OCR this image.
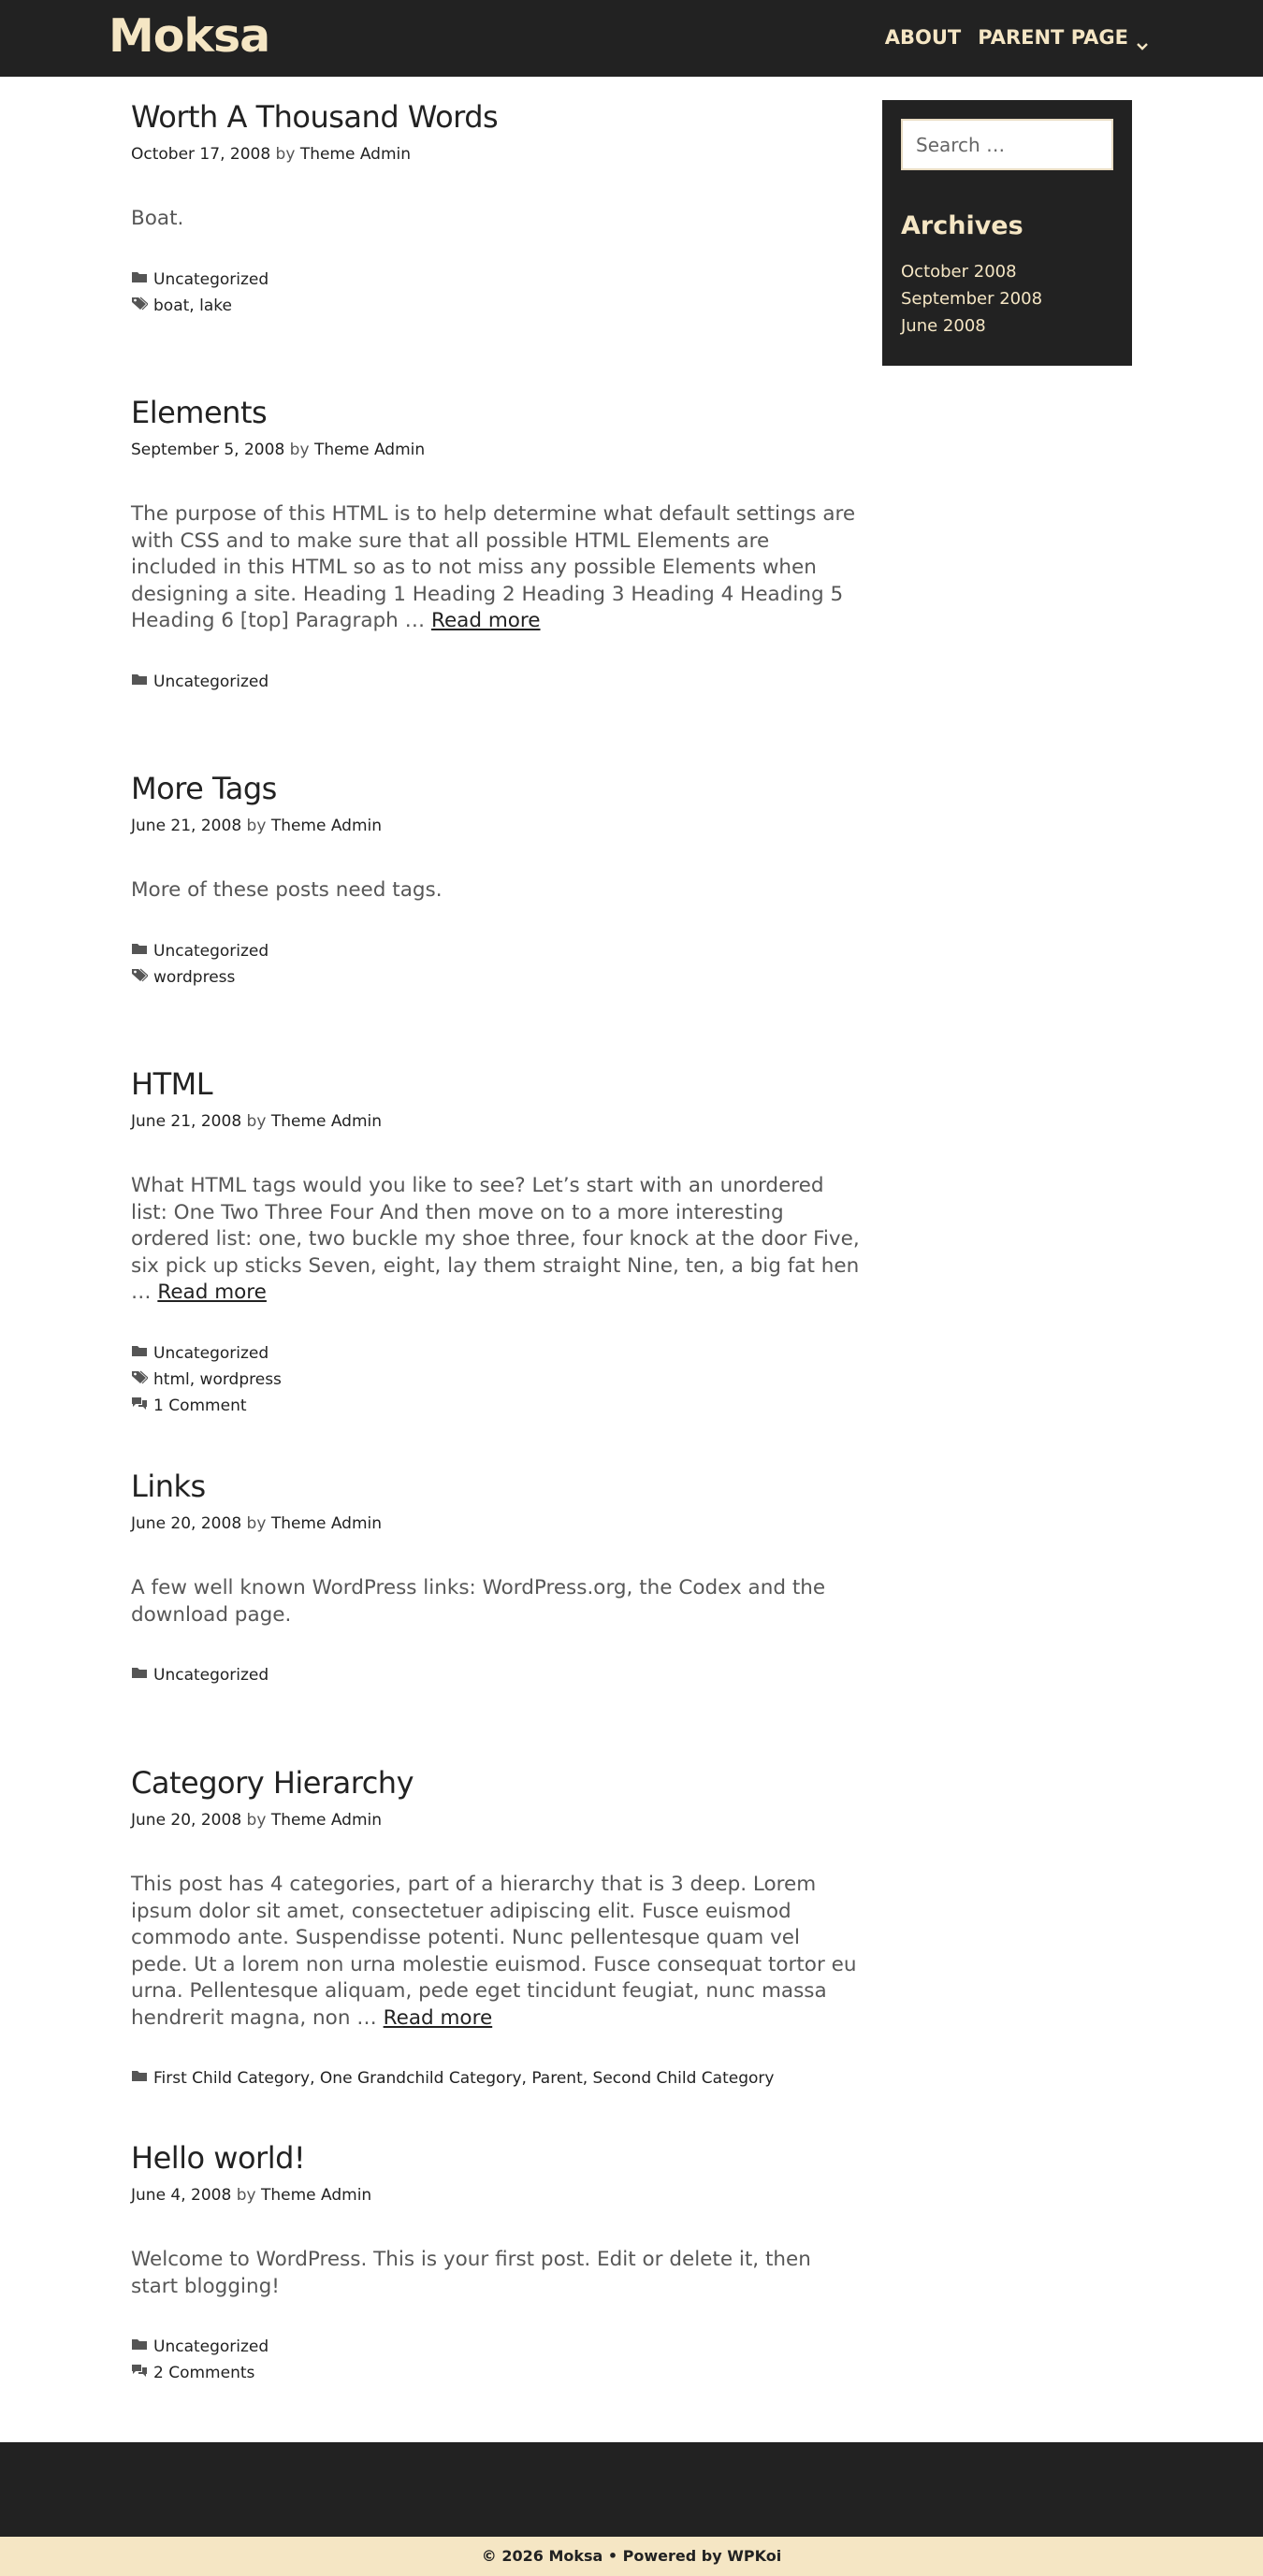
Moksa	ABOUT PARENT PAGE
Worth A Thousand Words
October 17, 2008 by Theme Admin
Boat.
Uncategorized
boat , lake
Elements
September 5, 2008 by Theme Admin
The purpose of this HTML is to help determine what default settings are with CSS and to make sure that all possible HTML Elements are included in this HTML so as to not miss any possible Elements when designing a site. Heading 1 Heading 2 Heading 3 Heading 4 Heading 5 Heading 6 [top] Paragraph … Read more
Uncategorized
More Tags
June 21, 2008 by Theme Admin
More of these posts need tags.
Uncategorized
wordpress
HTML
June 21, 2008 by Theme Admin
What HTML tags would you like to see? Let’s start with an unordered list: One Two Three Four And then move on to a more interesting ordered list: one, two buckle my shoe three, four knock at the door Five, six pick up sticks Seven, eight, lay them straight Nine, ten, a big fat hen … Read more
Uncategorized
html , wordpress
1 Comment
Links
June 20, 2008 by Theme Admin
A few well known WordPress links: WordPress.org, the Codex and the download page.
Uncategorized
Category Hierarchy
June 20, 2008 by Theme Admin
This post has 4 categories, part of a hierarchy that is 3 deep. Lorem ipsum dolor sit amet, consectetuer adipiscing elit. Fusce euismod commodo ante. Suspendisse potenti. Nunc pellentesque quam vel pede. Ut a lorem non urna molestie euismod. Fusce consequat tortor eu urna. Pellentesque aliquam, pede eget tincidunt feugiat, nunc massa hendrerit magna, non … Read more
First Child Category, One Grandchild Category, Parent, Second Child Category
Hello world!
June 4, 2008 by Theme Admin
Welcome to WordPress. This is your first post. Edit or delete it, then start blogging!
Uncategorized
2 Comments
Search …
Archives
October 2008
September 2008
June 2008
© 2026 Moksa • Powered by WPKoi
